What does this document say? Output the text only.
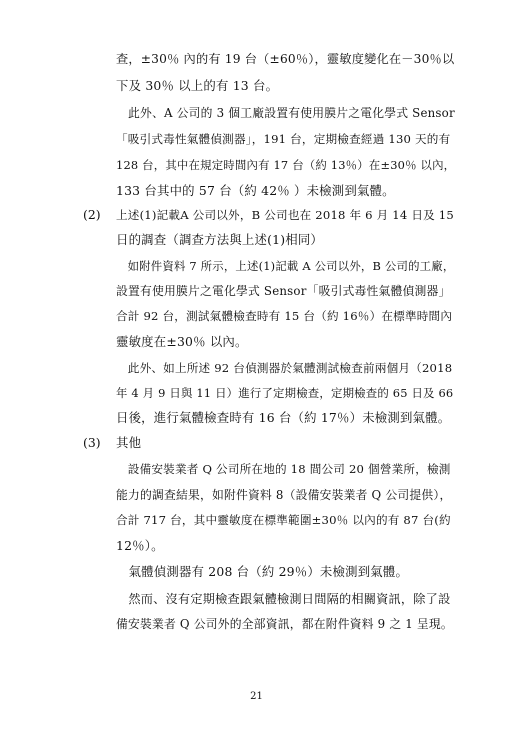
查，±30％ 內的有 19 台（±60％），靈敏度變化在－30％以
下及 30％ 以上的有 13 台。
　此外、A 公司的 3 個工廠設置有使用膜片之電化學式 Sensor
「吸引式毒性氣體偵測器」，191 台，定期檢查經過 130 天的有
128 台，其中在規定時間內有 17 台（約 13％）在±30％ 以內，
133 台其中的 57 台（約 42％ ）未檢測到氣體。
(2) 上述(1)記載A 公司以外，B 公司也在 2018 年 6 月 14 日及 15
日的調查（調查方法與上述(1)相同）
　如附件資料 7 所示，上述(1)記載 A 公司以外，B 公司的工廠，
設置有使用膜片之電化學式 Sensor「吸引式毒性氣體偵測器」
合計 92 台，測試氣體檢查時有 15 台（約 16％）在標準時間內
靈敏度在±30％ 以內。
　此外、如上所述 92 台偵測器於氣體測試檢查前兩個月（2018
年 4 月 9 日與 11 日）進行了定期檢查，定期檢查的 65 日及 66
日後，進行氣體檢查時有 16 台（約 17％）未檢測到氣體。
(3) 其他
　設備安裝業者 Q 公司所在地的 18 間公司 20 個營業所，檢測
能力的調查結果，如附件資料 8（設備安裝業者 Q 公司提供），
合計 717 台，其中靈敏度在標準範圍±30％ 以內的有 87 台(約
12％）。
　氣體偵測器有 208 台（約 29％）未檢測到氣體。
　然而、沒有定期檢查跟氣體檢測日間隔的相關資訊，除了設
備安裝業者 Q 公司外的全部資訊，都在附件資料 9 之 1 呈現。
21
